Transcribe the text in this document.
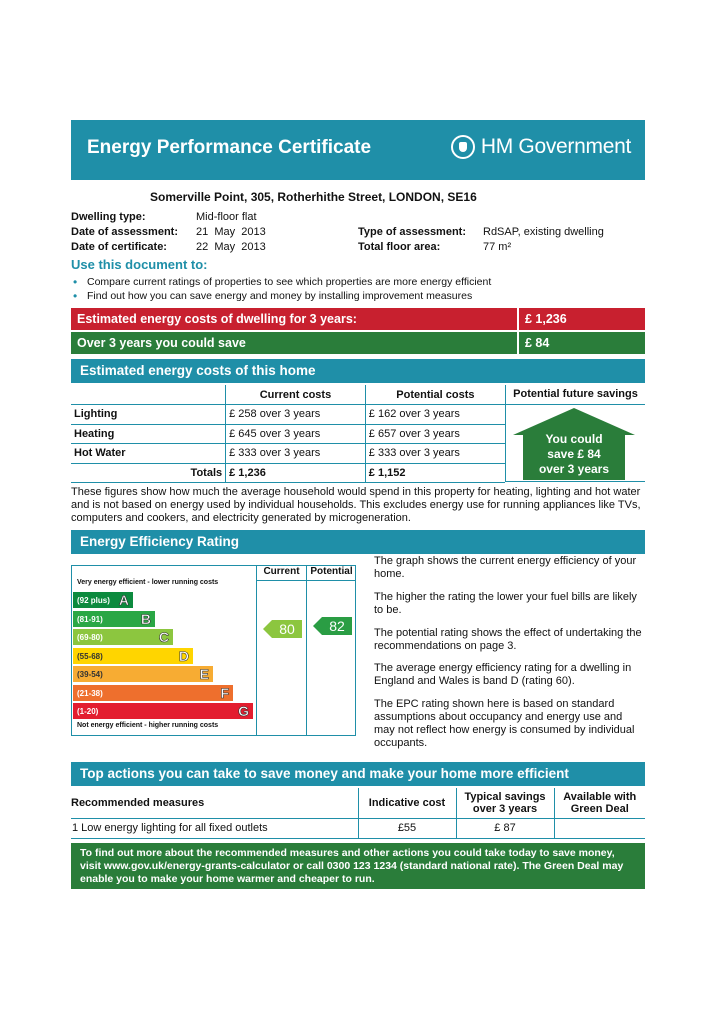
Energy Performance Certificate	HM Government
Somerville Point, 305, Rotherhithe Street, LONDON, SE16
Dwelling type:	Mid-floor flat
Date of assessment: 21  May  2013
Date of certificate:	22  May  2013
Type of assessment: RdSAP, existing dwelling
Total floor area:	77 m²
Use this document to:
• Compare current ratings of properties to see which properties are more energy efficient
• Find out how you can save energy and money by installing improvement measures
Estimated energy costs of dwelling for 3 years:	£ 1,236
Over 3 years you could save	£ 84
Estimated energy costs of this home
	Current costs	Potential costs
Lighting	£ 258 over 3 years	£ 162 over 3 years
Heating	£ 645 over 3 years	£ 657 over 3 years
Hot Water	£ 333 over 3 years	£ 333 over 3 years
Totals	£ 1,236	£ 1,152
Potential future savings
You could
save £ 84
over 3 years
These figures show how much the average household would spend in this property for heating, lighting and hot water and is not based on energy used by individual households. This excludes energy use for running appliances like TVs, computers and cookers, and electricity generated by microgeneration.
Energy Efficiency Rating
Very energy efficient - lower running costs
Not energy efficient - higher running costs
(92 plus) A
(81-91)	B
(69-80)	C
(55-68)	D
(39-54)	E
(21-38)	F
(1-20)	G
Current	Potential
80	82
The graph shows the current energy efficiency of your home.
The higher the rating the lower your fuel bills are likely to be.
The potential rating shows the effect of undertaking the recommendations on page 3.
The average energy efficiency rating for a dwelling in England and Wales is band D (rating 60).
The EPC rating shown here is based on standard assumptions about occupancy and energy use and may not reflect how energy is consumed by individual occupants.
Top actions you can take to save money and make your home more efficient
Recommended measures	Indicative cost	Typical savings over 3 years	Available with Green Deal
1 Low energy lighting for all fixed outlets	£55	£ 87	
To find out more about the recommended measures and other actions you could take today to save money, visit www.gov.uk/energy-grants-calculator or call 0300 123 1234 (standard national rate). The Green Deal may enable you to make your home warmer and cheaper to run.
